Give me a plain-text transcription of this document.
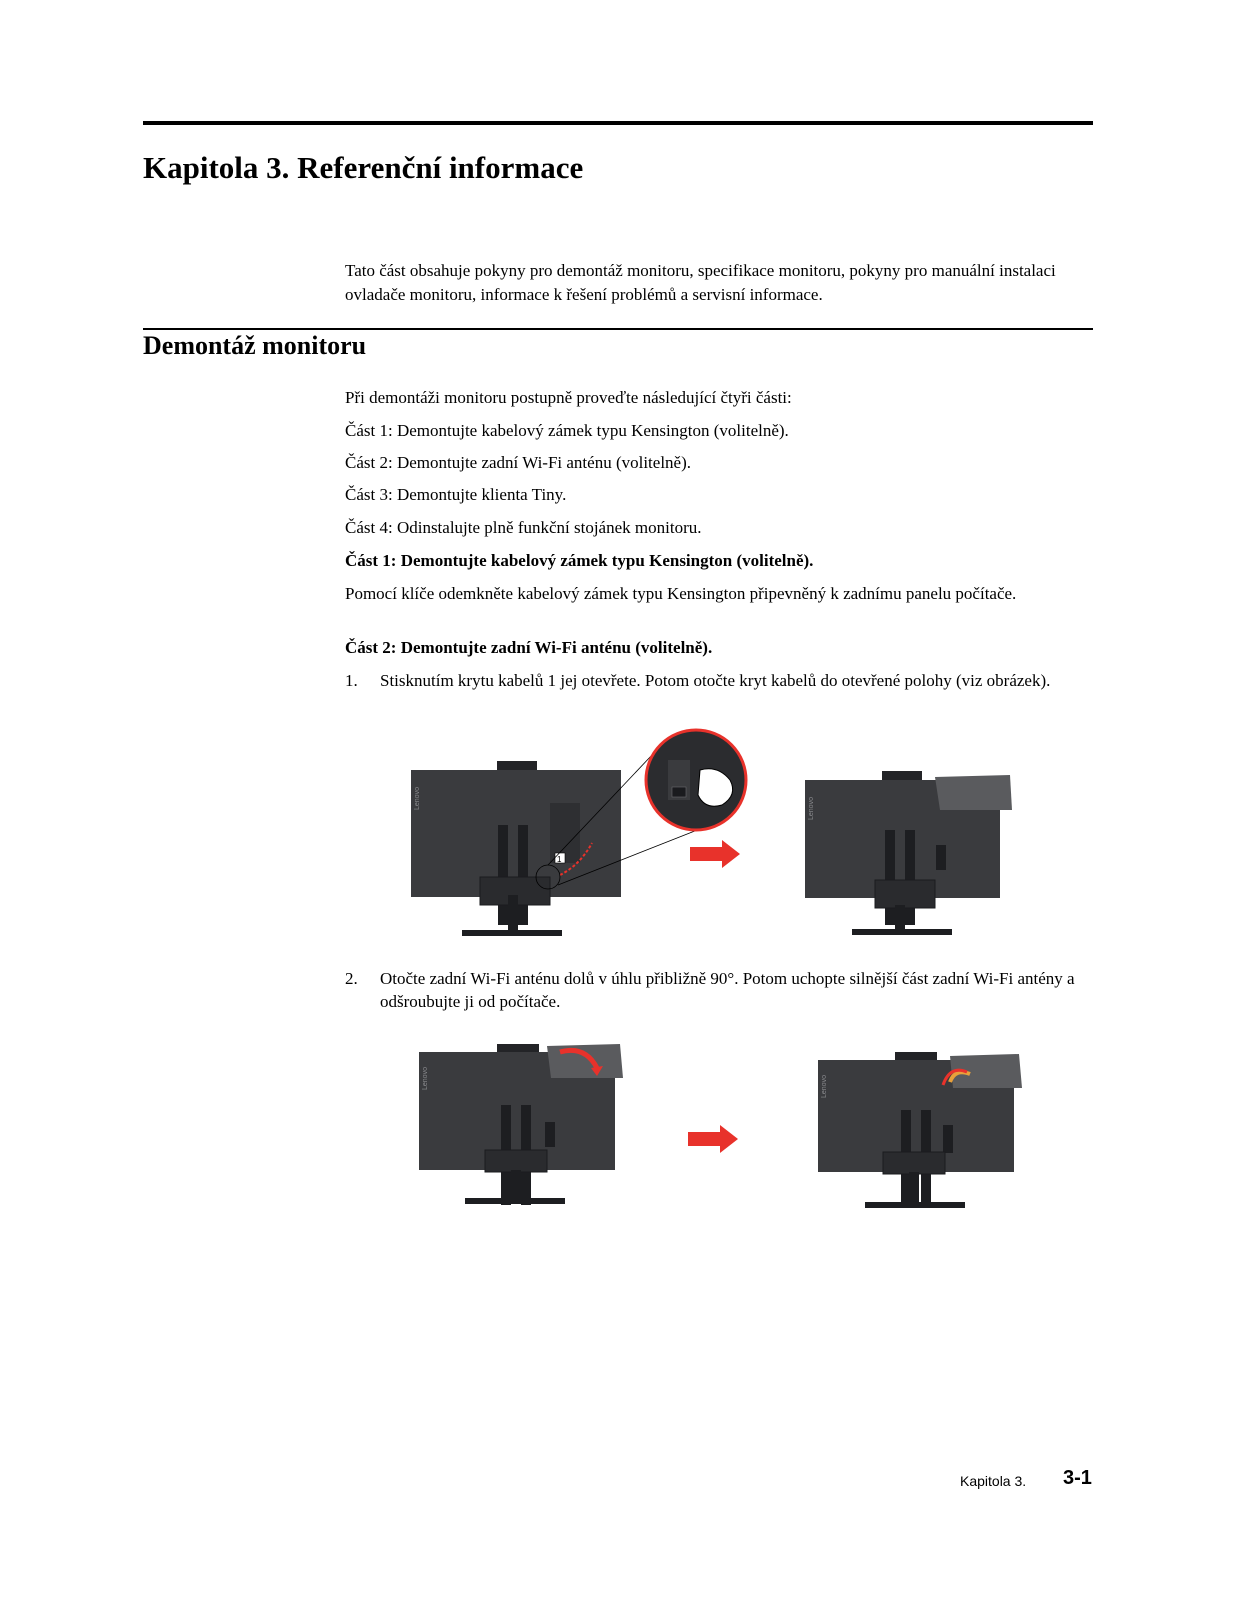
Kapitola 3. Referenční informace

Tato část obsahuje pokyny pro demontáž monitoru, specifikace monitoru, pokyny pro manuální instalaci ovladače monitoru, informace k řešení problémů a servisní informace.

Demontáž monitoru

Při demontáži monitoru postupně proveďte následující čtyři části:

Část 1: Demontujte kabelový zámek typu Kensington (volitelně).

Část 2: Demontujte zadní Wi-Fi anténu (volitelně).

Část 3: Demontujte klienta Tiny.

Část 4: Odinstalujte plně funkční stojánek monitoru.

Část 1: Demontujte kabelový zámek typu Kensington (volitelně).

Pomocí klíče odemkněte kabelový zámek typu Kensington připevněný k zadnímu panelu počítače.

Část 2: Demontujte zadní Wi-Fi anténu (volitelně).

1. Stisknutím krytu kabelů 1 jej otevřete. Potom otočte kryt kabelů do otevřené polohy (viz obrázek).

Lenovo
1
Lenovo
2. Otočte zadní Wi-Fi anténu dolů v úhlu přibližně 90°. Potom uchopte silnější část zadní Wi-Fi antény a odšroubujte ji od počítače.

Lenovo	Lenovo
Kapitola 3. 3-1
